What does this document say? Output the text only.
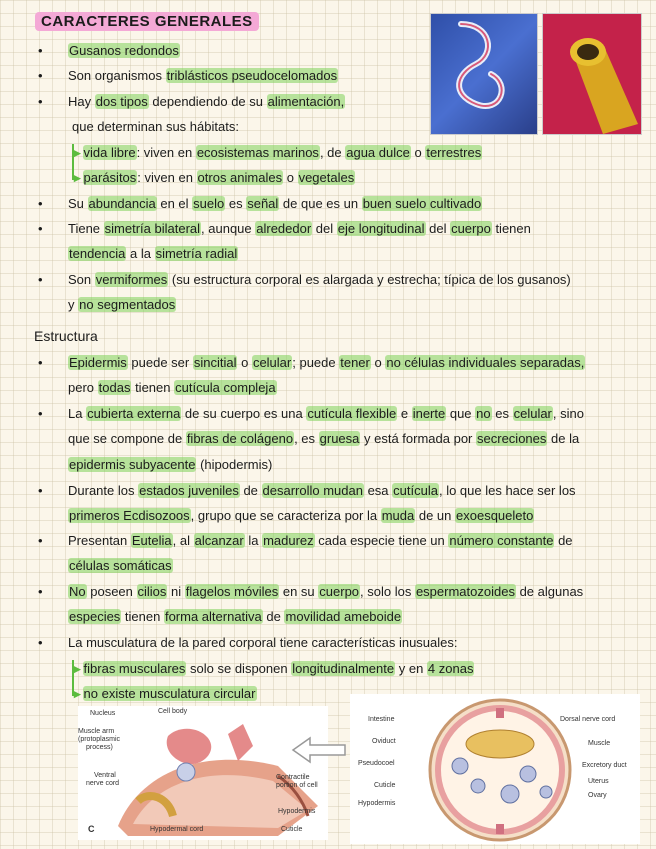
CARACTERES GENERALES
• Gusanos redondos
• Son organismos triblásticos pseudocelomados
• Hay dos tipos dependiendo de su alimentación,
que determinan sus hábitats:
▸ vida libre: viven en ecosistemas marinos, de agua dulce o terrestres
▸ parásitos: viven en otros animales o vegetales
• Su abundancia en el suelo es señal de que es un buen suelo cultivado
• Tiene simetría bilateral, aunque alrededor del eje longitudinal del cuerpo tienen
tendencia a la simetría radial
• Son vermiformes (su estructura corporal es alargada y estrecha; típica de los gusanos)
y no segmentados
Estructura
• Epidermis puede ser sincitial o celular; puede tener o no células individuales separadas,
pero todas tienen cutícula compleja
• La cubierta externa de su cuerpo es una cutícula flexible e inerte que no es celular, sino
que se compone de fibras de colágeno, es gruesa y está formada por secreciones de la
epidermis subyacente (hipodermis)
• Durante los estados juveniles de desarrollo mudan esa cutícula, lo que les hace ser los
primeros Ecdisozoos, grupo que se caracteriza por la muda de un exoesqueleto
• Presentan Eutelia, al alcanzar la madurez cada especie tiene un número constante de
células somáticas
• No poseen cilios ni flagelos móviles en su cuerpo, solo los espermatozoides de algunas
especies tienen forma alternativa de movilidad ameboide
• La musculatura de la pared corporal tiene características inusuales:
▸ fibras musculares solo se disponen longitudinalmente y en 4 zonas
▸ no existe musculatura circular
Nucleus	Cell body
Muscle arm
(protoplasmic
process)
Ventral
nerve cord
Contractile
portion of cell
Hypodermis
Cuticle
Hypodermal cord
C
Intestine
Oviduct
Pseudocoel
Cuticle
Hypodermis
Dorsal nerve cord
Muscle
Excretory duct
Uterus
Ovary
